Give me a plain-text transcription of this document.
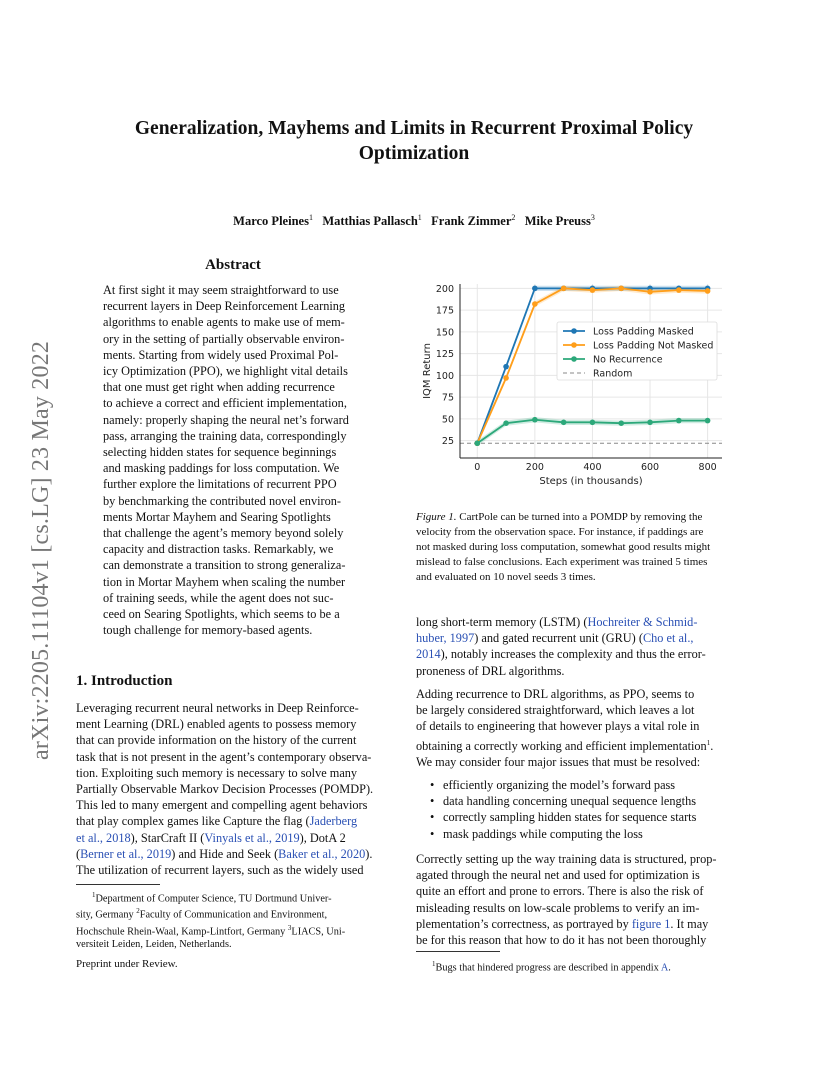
Generalization, Mayhems and Limits in Recurrent Proximal Policy
Optimization
Marco Pleines$^1$ Matthias Pallasch$^1$ Frank Zimmer$^2$ Mike Preuss$^3$
arXiv:2205.11104v1 [cs.LG] 23 May 2022
Abstract
At first sight it may seem straightforward to use
recurrent layers in Deep Reinforcement Learning
algorithms to enable agents to make use of mem-
ory in the setting of partially observable environ-
ments. Starting from widely used Proximal Pol-
icy Optimization (PPO), we highlight vital details
that one must get right when adding recurrence
to achieve a correct and efficient implementation,
namely: properly shaping the neural net’s forward
pass, arranging the training data, correspondingly
selecting hidden states for sequence beginnings
and masking paddings for loss computation. We
further explore the limitations of recurrent PPO
by benchmarking the contributed novel environ-
ments Mortar Mayhem and Searing Spotlights
that challenge the agent’s memory beyond solely
capacity and distraction tasks. Remarkably, we
can demonstrate a transition to strong generaliza-
tion in Mortar Mayhem when scaling the number
of training seeds, while the agent does not suc-
ceed on Searing Spotlights, which seems to be a
tough challenge for memory-based agents.
1. Introduction
Leveraging recurrent neural networks in Deep Reinforce-
ment Learning (DRL) enabled agents to possess memory
that can provide information on the history of the current
task that is not present in the agent’s contemporary observa-
tion. Exploiting such memory is necessary to solve many
Partially Observable Markov Decision Processes (POMDP).
This led to many emergent and compelling agent behaviors
that play complex games like Capture the flag (Jaderberg
et al., 2018), StarCraft II (Vinyals et al., 2019), DotA 2
(Berner et al., 2019) and Hide and Seek (Baker et al., 2020).
The utilization of recurrent layers, such as the widely used
$^1$Department of Computer Science, TU Dortmund Univer-
sity, Germany $^2$Faculty of Communication and Environment,
Hochschule Rhein-Waal, Kamp-Lintfort, Germany $^3$LIACS, Uni-
versiteit Leiden, Leiden, Netherlands.
Preprint under Review.
25
50
75
100
125
150
175
200
0	200	400	600	800
Loss Padding Masked
Loss Padding Not Masked
No Recurrence
Random
Steps (in thousands)
IQM Return
Figure 1. CartPole can be turned into a POMDP by removing the
velocity from the observation space. For instance, if paddings are
not masked during loss computation, somewhat good results might
mislead to false conclusions. Each experiment was trained 5 times
and evaluated on 10 novel seeds 3 times.
long short-term memory (LSTM) (Hochreiter & Schmid-
huber, 1997) and gated recurrent unit (GRU) (Cho et al.,
2014), notably increases the complexity and thus the error-
proneness of DRL algorithms.
Adding recurrence to DRL algorithms, as PPO, seems to
be largely considered straightforward, which leaves a lot
of details to engineering that however plays a vital role in
obtaining a correctly working and efficient implementation$^1$.
We may consider four major issues that must be resolved:
• efficiently organizing the model’s forward pass
• data handling concerning unequal sequence lengths
• correctly sampling hidden states for sequence starts
• mask paddings while computing the loss
Correctly setting up the way training data is structured, prop-
agated through the neural net and used for optimization is
quite an effort and prone to errors. There is also the risk of
misleading results on low-scale problems to verify an im-
plementation’s correctness, as portrayed by figure 1. It may
be for this reason that how to do it has not been thoroughly
$^1$Bugs that hindered progress are described in appendix A.
